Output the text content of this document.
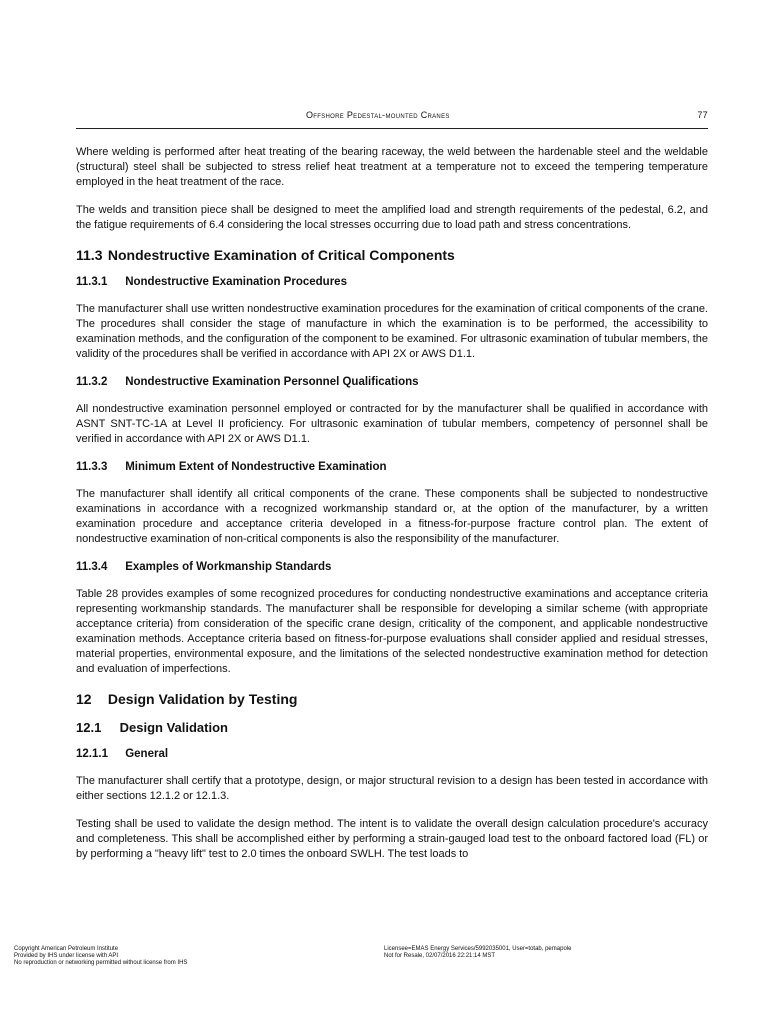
Offshore Pedestal-mounted Cranes	77

Where welding is performed after heat treating of the bearing raceway, the weld between the hardenable steel and the weldable (structural) steel shall be subjected to stress relief heat treatment at a temperature not to exceed the tempering temperature employed in the heat treatment of the race.

The welds and transition piece shall be designed to meet the amplified load and strength requirements of the pedestal, 6.2, and the fatigue requirements of 6.4 considering the local stresses occurring due to load path and stress concentrations.

11.3 Nondestructive Examination of Critical Components
11.3.1 Nondestructive Examination Procedures

The manufacturer shall use written nondestructive examination procedures for the examination of critical components of the crane. The procedures shall consider the stage of manufacture in which the examination is to be performed, the accessibility to examination methods, and the configuration of the component to be examined. For ultrasonic examination of tubular members, the validity of the procedures shall be verified in accordance with API 2X or AWS D1.1.

11.3.2 Nondestructive Examination Personnel Qualifications

All nondestructive examination personnel employed or contracted for by the manufacturer shall be qualified in accordance with ASNT SNT-TC-1A at Level II proficiency. For ultrasonic examination of tubular members, competency of personnel shall be verified in accordance with API 2X or AWS D1.1.

11.3.3 Minimum Extent of Nondestructive Examination

The manufacturer shall identify all critical components of the crane. These components shall be subjected to nondestructive examinations in accordance with a recognized workmanship standard or, at the option of the manufacturer, by a written examination procedure and acceptance criteria developed in a fitness-for-purpose fracture control plan. The extent of nondestructive examination of non-critical components is also the responsibility of the manufacturer.

11.3.4 Examples of Workmanship Standards

Table 28 provides examples of some recognized procedures for conducting nondestructive examinations and acceptance criteria representing workmanship standards. The manufacturer shall be responsible for developing a similar scheme (with appropriate acceptance criteria) from consideration of the specific crane design, criticality of the component, and applicable nondestructive examination methods. Acceptance criteria based on fitness-for-purpose evaluations shall consider applied and residual stresses, material properties, environmental exposure, and the limitations of the selected nondestructive examination method for detection and evaluation of imperfections.

12 Design Validation by Testing
12.1 Design Validation
12.1.1 General

The manufacturer shall certify that a prototype, design, or major structural revision to a design has been tested in accordance with either sections 12.1.2 or 12.1.3.

Testing shall be used to validate the design method. The intent is to validate the overall design calculation procedure's accuracy and completeness. This shall be accomplished either by performing a strain-gauged load test to the onboard factored load (FL) or by performing a "heavy lift" test to 2.0 times the onboard SWLH. The test loads to

Copyright American Petroleum Institute
Provided by IHS under license with API
No reproduction or networking permitted without license from IHS
Licensee=EMAS Energy Services/5992035001, User=totab, pemapole
Not for Resale, 02/07/2016 22:21:14 MST
